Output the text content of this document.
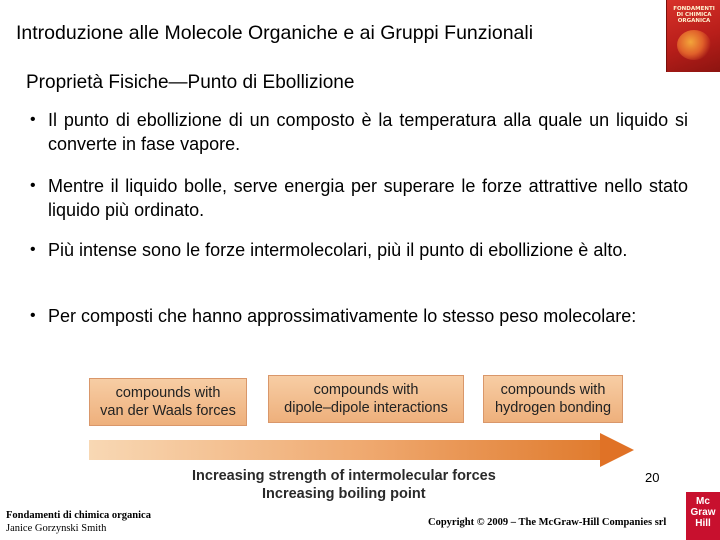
Introduzione alle Molecole Organiche e ai Gruppi Funzionali
FONDAMENTI DI CHIMICA ORGANICA
Proprietà Fisiche—Punto di Ebollizione
• Il punto di ebollizione di un composto è la temperatura alla quale un liquido si converte in fase vapore.
• Mentre il liquido bolle, serve energia per superare le forze attrattive nello stato liquido più ordinato.
• Più intense sono le forze intermolecolari, più il punto di ebollizione è alto.
• Per composti che hanno approssimativamente lo stesso peso molecolare:
compounds with
van der Waals forces
compounds with
dipole–dipole interactions
compounds with
hydrogen bonding
Increasing strength of intermolecular forces
Increasing boiling point
20
Fondamenti di chimica organica
Janice Gorzynski Smith
Copyright © 2009 – The McGraw-Hill Companies srl
Mc
Graw
Hill
